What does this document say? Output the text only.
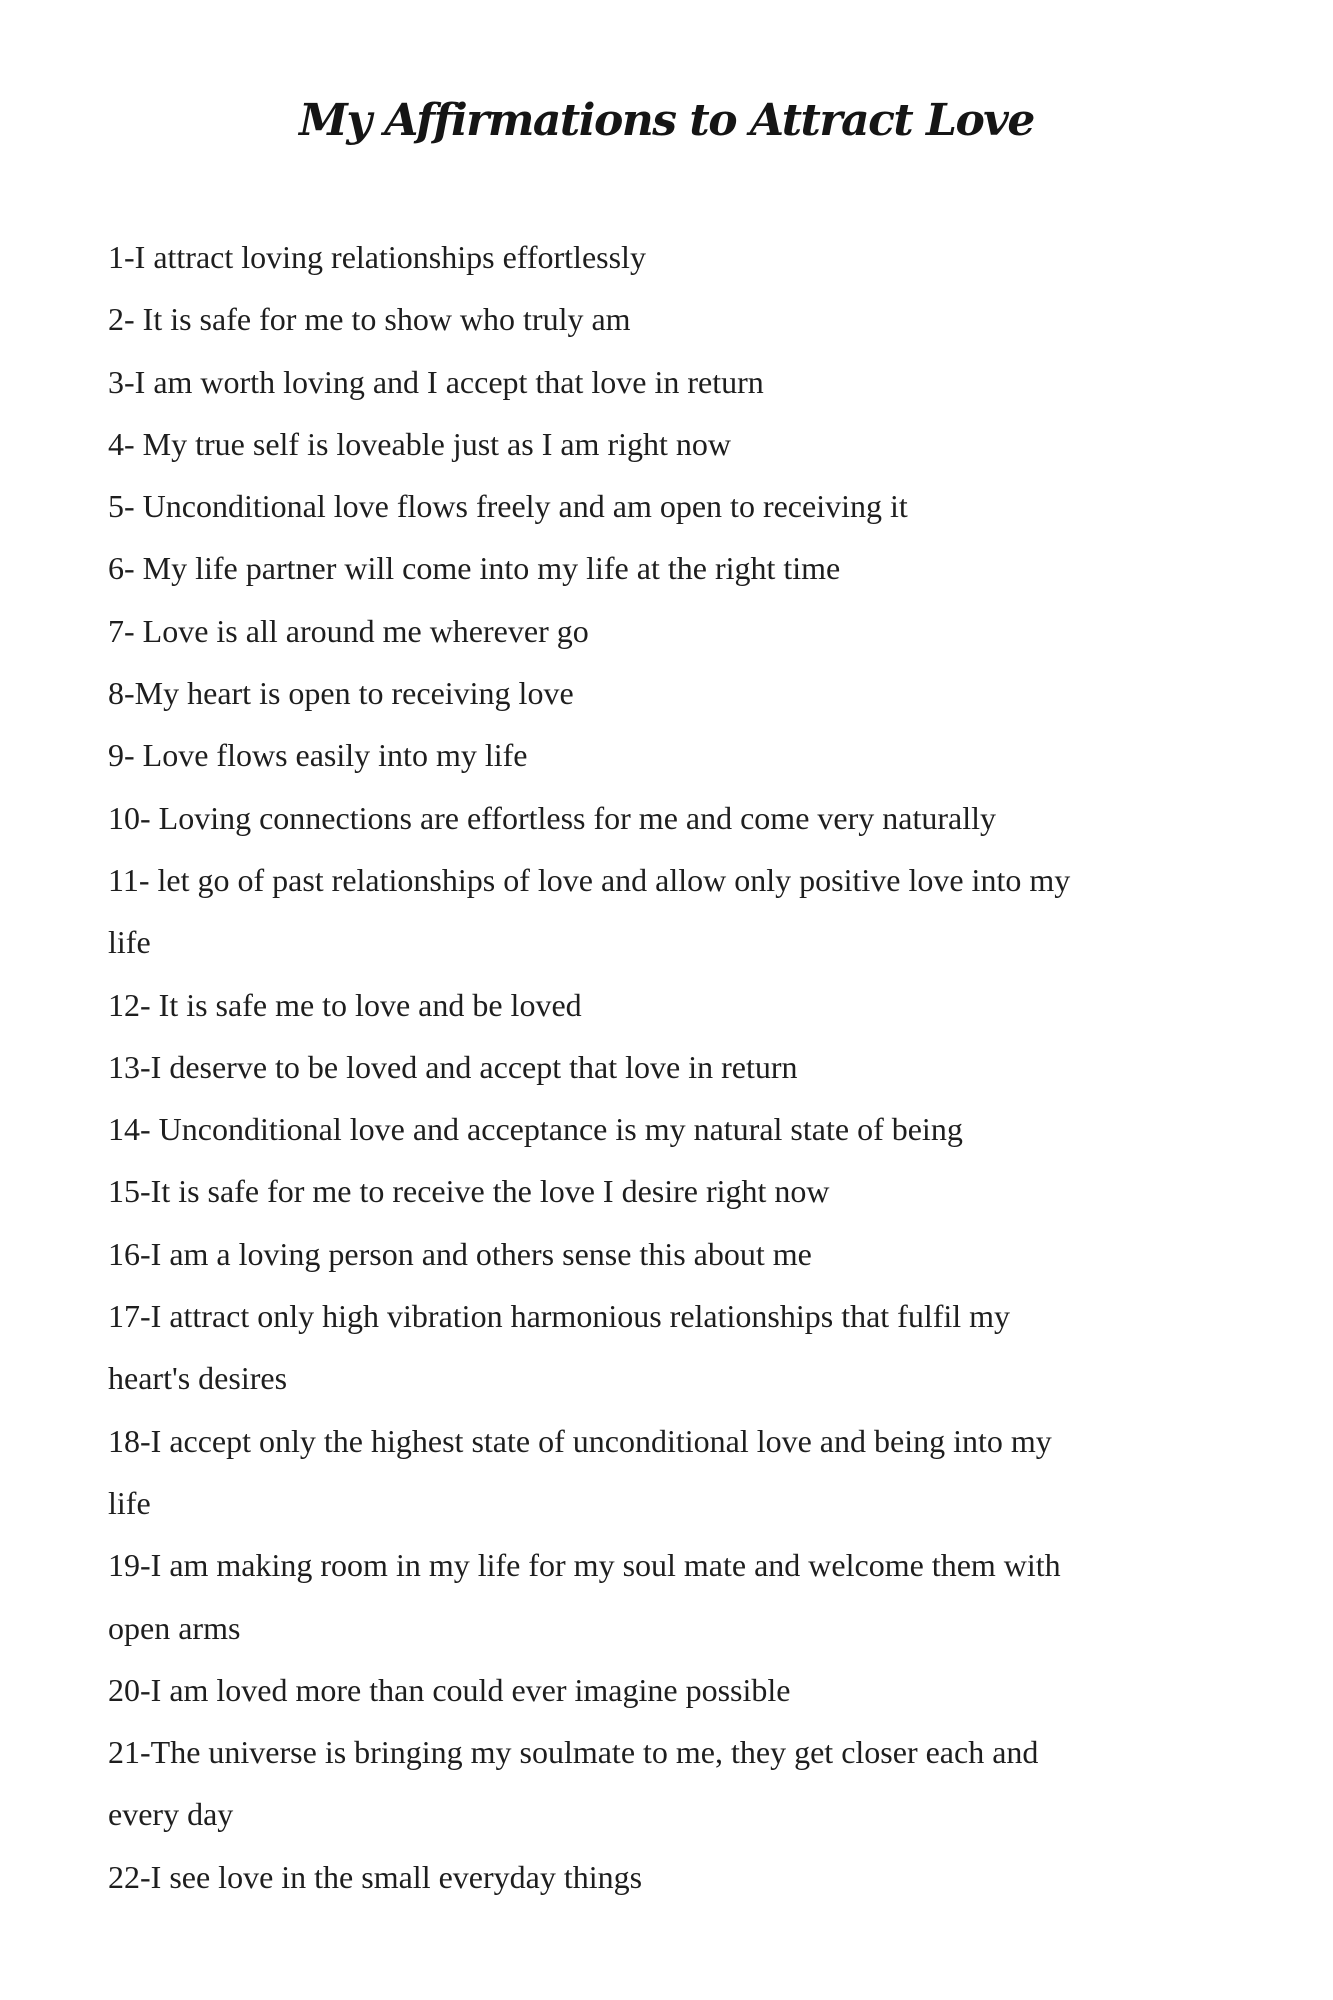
My Affirmations to Attract Love
1-I attract loving relationships effortlessly
2- It is safe for me to show who truly am
3-I am worth loving and I accept that love in return
4- My true self is loveable just as I am right now
5- Unconditional love flows freely and am open to receiving it
6- My life partner will come into my life at the right time
7- Love is all around me wherever go
8-My heart is open to receiving love
9- Love flows easily into my life
10- Loving connections are effortless for me and come very naturally
11- let go of past relationships of love and allow only positive love into my
life
12- It is safe me to love and be loved
13-I deserve to be loved and accept that love in return
14- Unconditional love and acceptance is my natural state of being
15-It is safe for me to receive the love I desire right now
16-I am a loving person and others sense this about me
17-I attract only high vibration harmonious relationships that fulfil my
heart's desires
18-I accept only the highest state of unconditional love and being into my
life
19-I am making room in my life for my soul mate and welcome them with
open arms
20-I am loved more than could ever imagine possible
21-The universe is bringing my soulmate to me, they get closer each and
every day
22-I see love in the small everyday things
